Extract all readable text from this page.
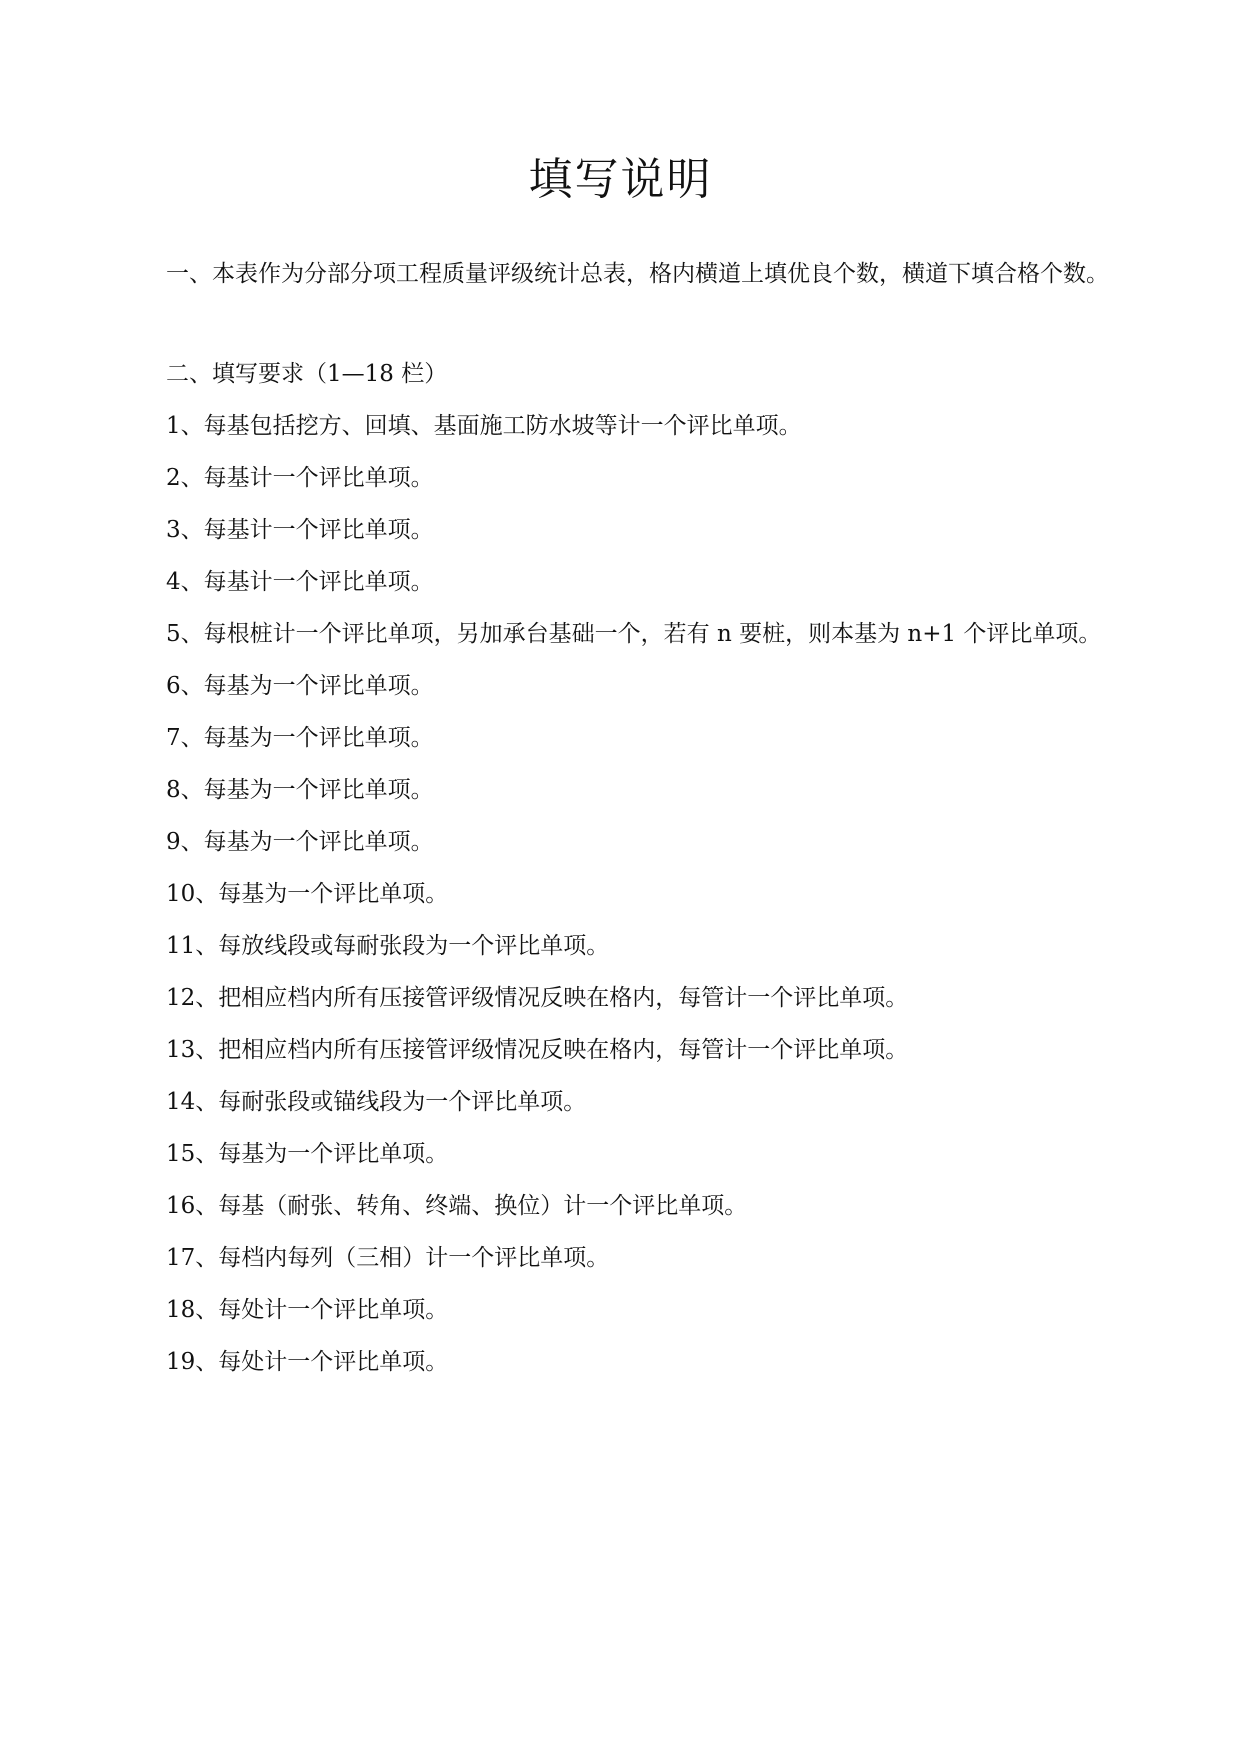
填写说明

一、本表作为分部分项工程质量评级统计总表，格内横道上填优良个数，横道下填合格个数。

二、填写要求（1—18 栏）
1、每基包括挖方、回填、基面施工防水坡等计一个评比单项。
2、每基计一个评比单项。
3、每基计一个评比单项。
4、每基计一个评比单项。
5、每根桩计一个评比单项，另加承台基础一个，若有 n 要桩，则本基为 n+1 个评比单项。
6、每基为一个评比单项。
7、每基为一个评比单项。
8、每基为一个评比单项。
9、每基为一个评比单项。
10、每基为一个评比单项。
11、每放线段或每耐张段为一个评比单项。
12、把相应档内所有压接管评级情况反映在格内，每管计一个评比单项。
13、把相应档内所有压接管评级情况反映在格内，每管计一个评比单项。
14、每耐张段或锚线段为一个评比单项。
15、每基为一个评比单项。
16、每基（耐张、转角、终端、换位）计一个评比单项。
17、每档内每列（三相）计一个评比单项。
18、每处计一个评比单项。
19、每处计一个评比单项。
